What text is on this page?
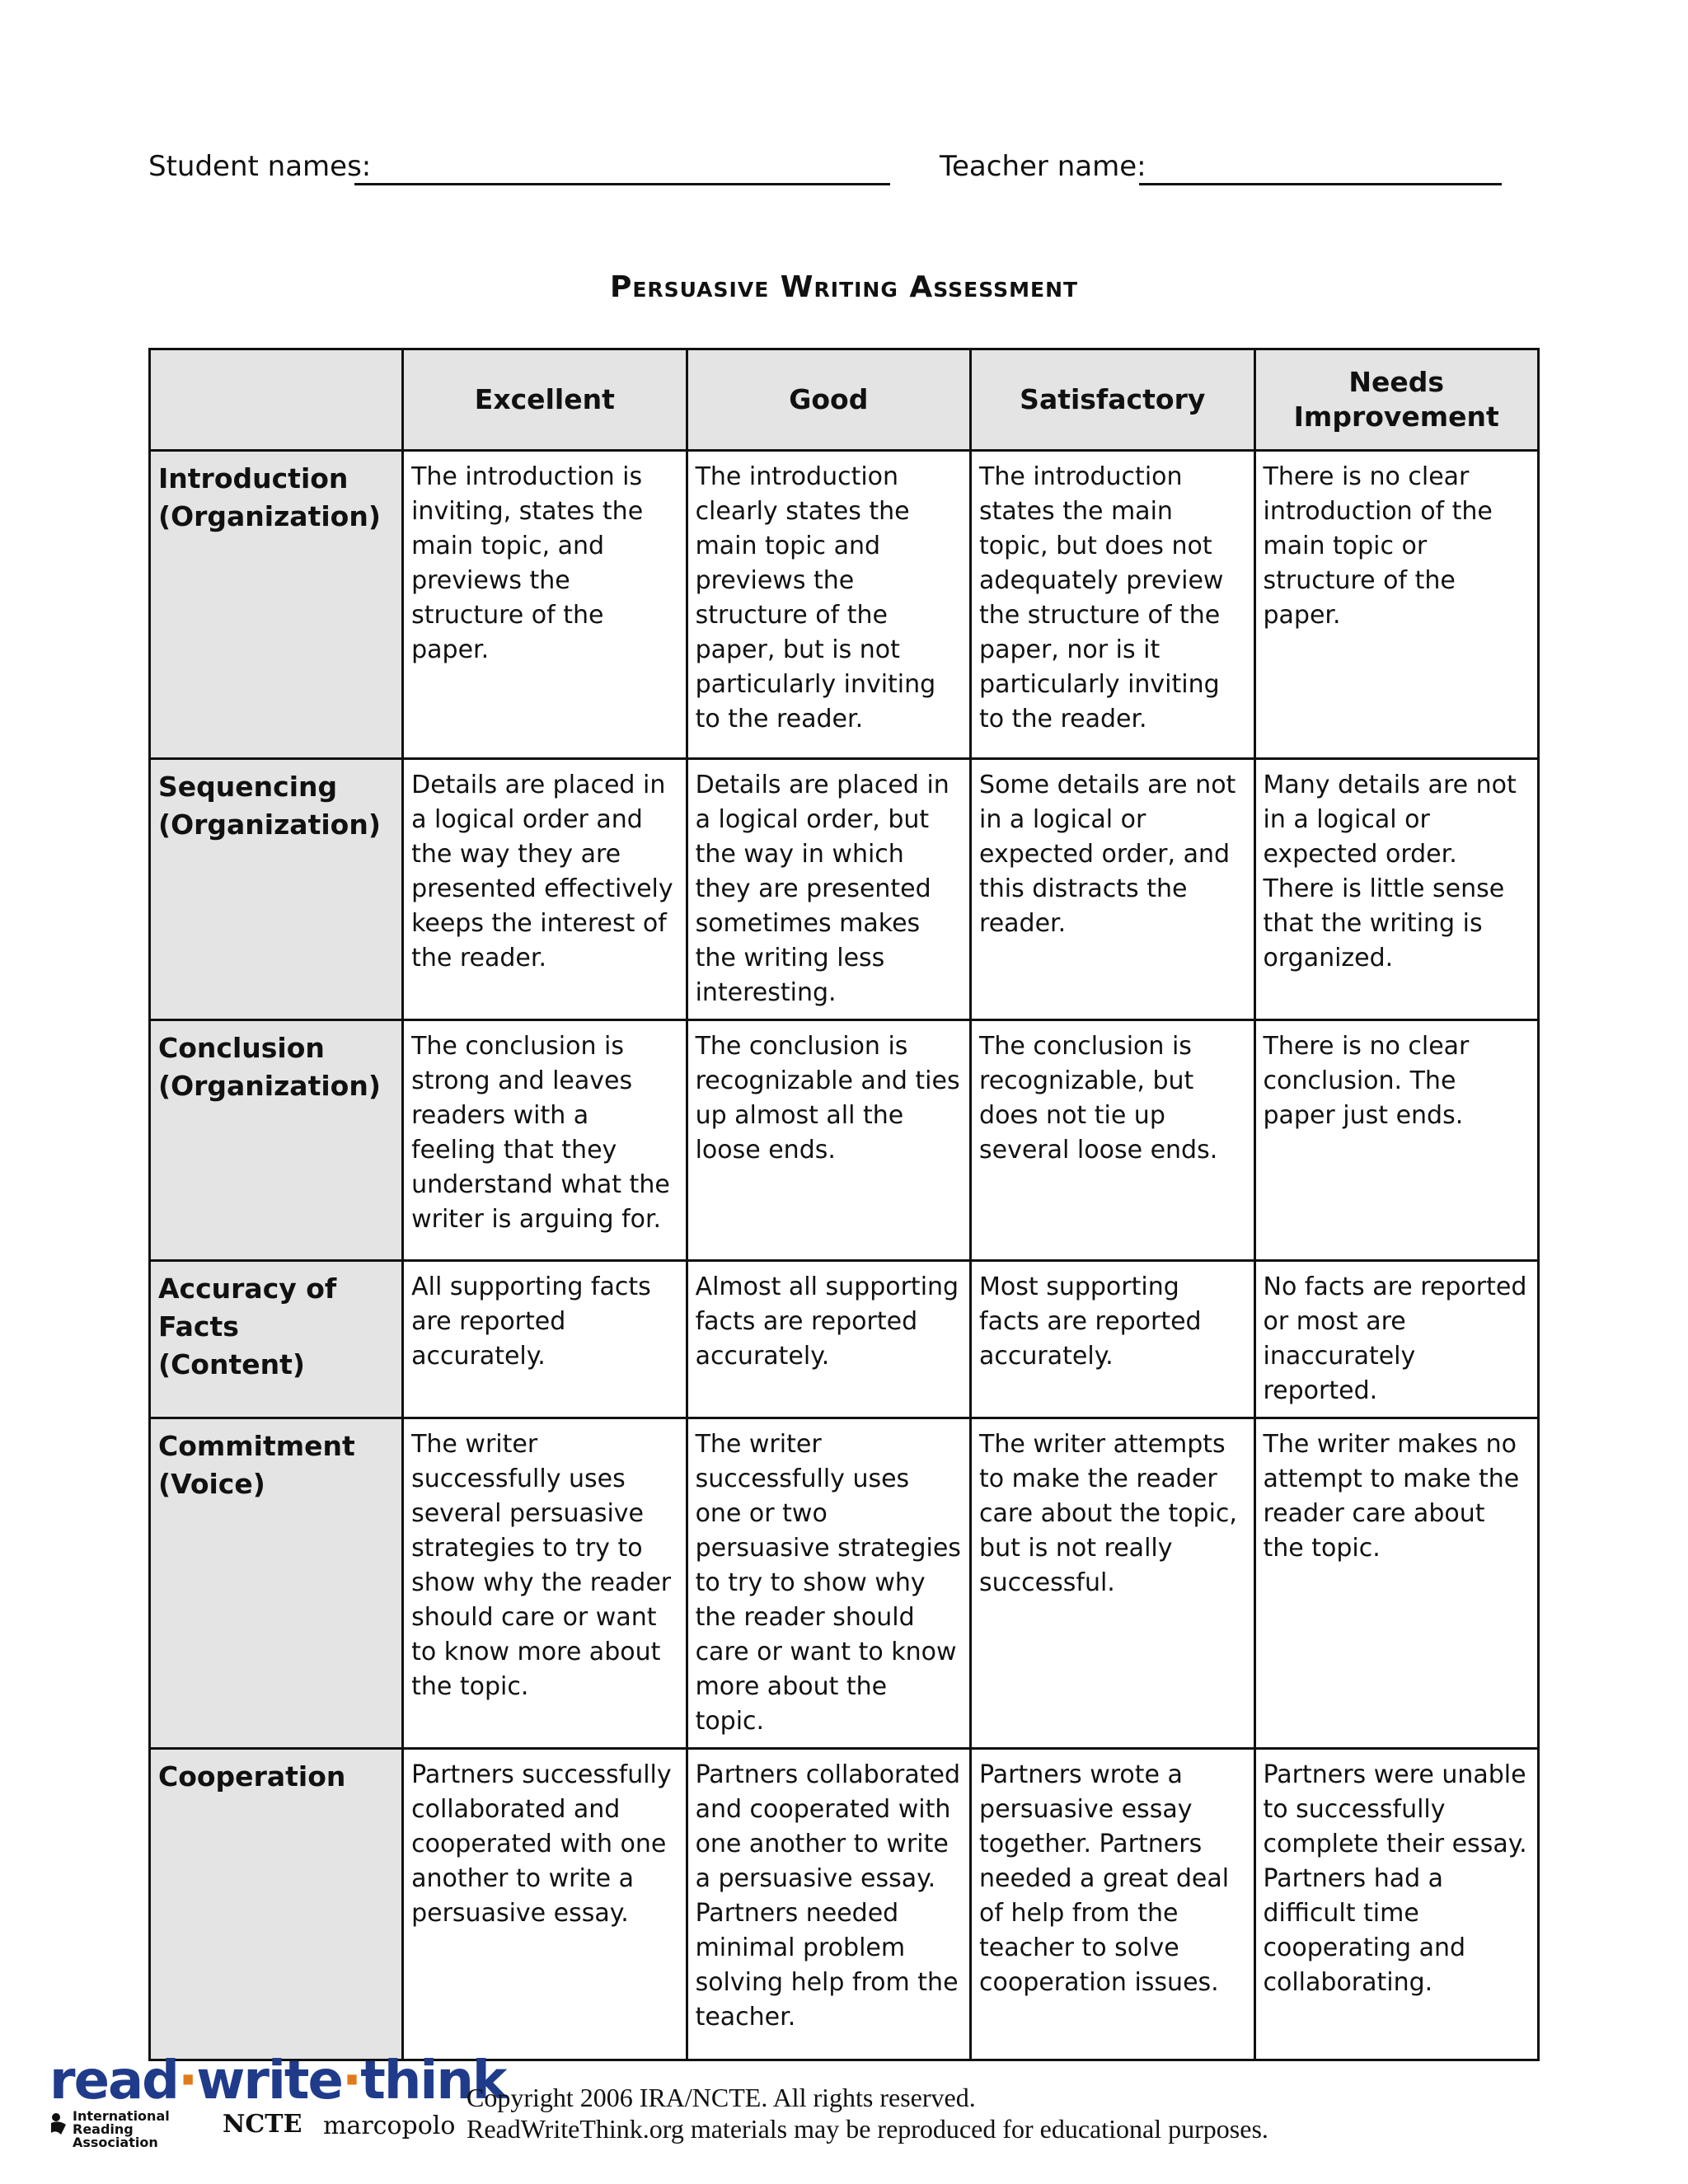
Student names:	Teacher name:
Persuasive Writing Assessment
	Excellent	Good	Satisfactory	Needs Improvement
Introduction (Organization)	The introduction is inviting, states the main topic, and previews the structure of the paper.	The introduction clearly states the main topic and previews the structure of the paper, but is not particularly inviting to the reader.	The introduction states the main topic, but does not adequately preview the structure of the paper, nor is it particularly inviting to the reader.	There is no clear introduction of the main topic or structure of the paper.
Sequencing (Organization)	Details are placed in a logical order and the way they are presented effectively keeps the interest of the reader.	Details are placed in a logical order, but the way in which they are presented sometimes makes the writing less interesting.	Some details are not in a logical or expected order, and this distracts the reader.	Many details are not in a logical or expected order. There is little sense that the writing is organized.
Conclusion (Organization)	The conclusion is strong and leaves readers with a feeling that they understand what the writer is arguing for.	The conclusion is recognizable and ties up almost all the loose ends.	The conclusion is recognizable, but does not tie up several loose ends.	There is no clear conclusion. The paper just ends.
Accuracy of Facts (Content)	All supporting facts are reported accurately.	Almost all supporting facts are reported accurately.	Most supporting facts are reported accurately.	No facts are reported or most are inaccurately reported.
Commitment (Voice)	The writer successfully uses several persuasive strategies to try to show why the reader should care or want to know more about the topic.	The writer successfully uses one or two persuasive strategies to try to show why the reader should care or want to know more about the topic.	The writer attempts to make the reader care about the topic, but is not really successful.	The writer makes no attempt to make the reader care about the topic.
Cooperation	Partners successfully collaborated and cooperated with one another to write a persuasive essay.	Partners collaborated and cooperated with one another to write a persuasive essay. Partners needed minimal problem solving help from the teacher.	Partners wrote a persuasive essay together. Partners needed a great deal of help from the teacher to solve cooperation issues.	Partners were unable to successfully complete their essay. Partners had a difficult time cooperating and collaborating.
read·write·think
International Reading Association
NCTE marcopolo
Copyright 2006 IRA/NCTE. All rights reserved.
ReadWriteThink.org materials may be reproduced for educational purposes.
